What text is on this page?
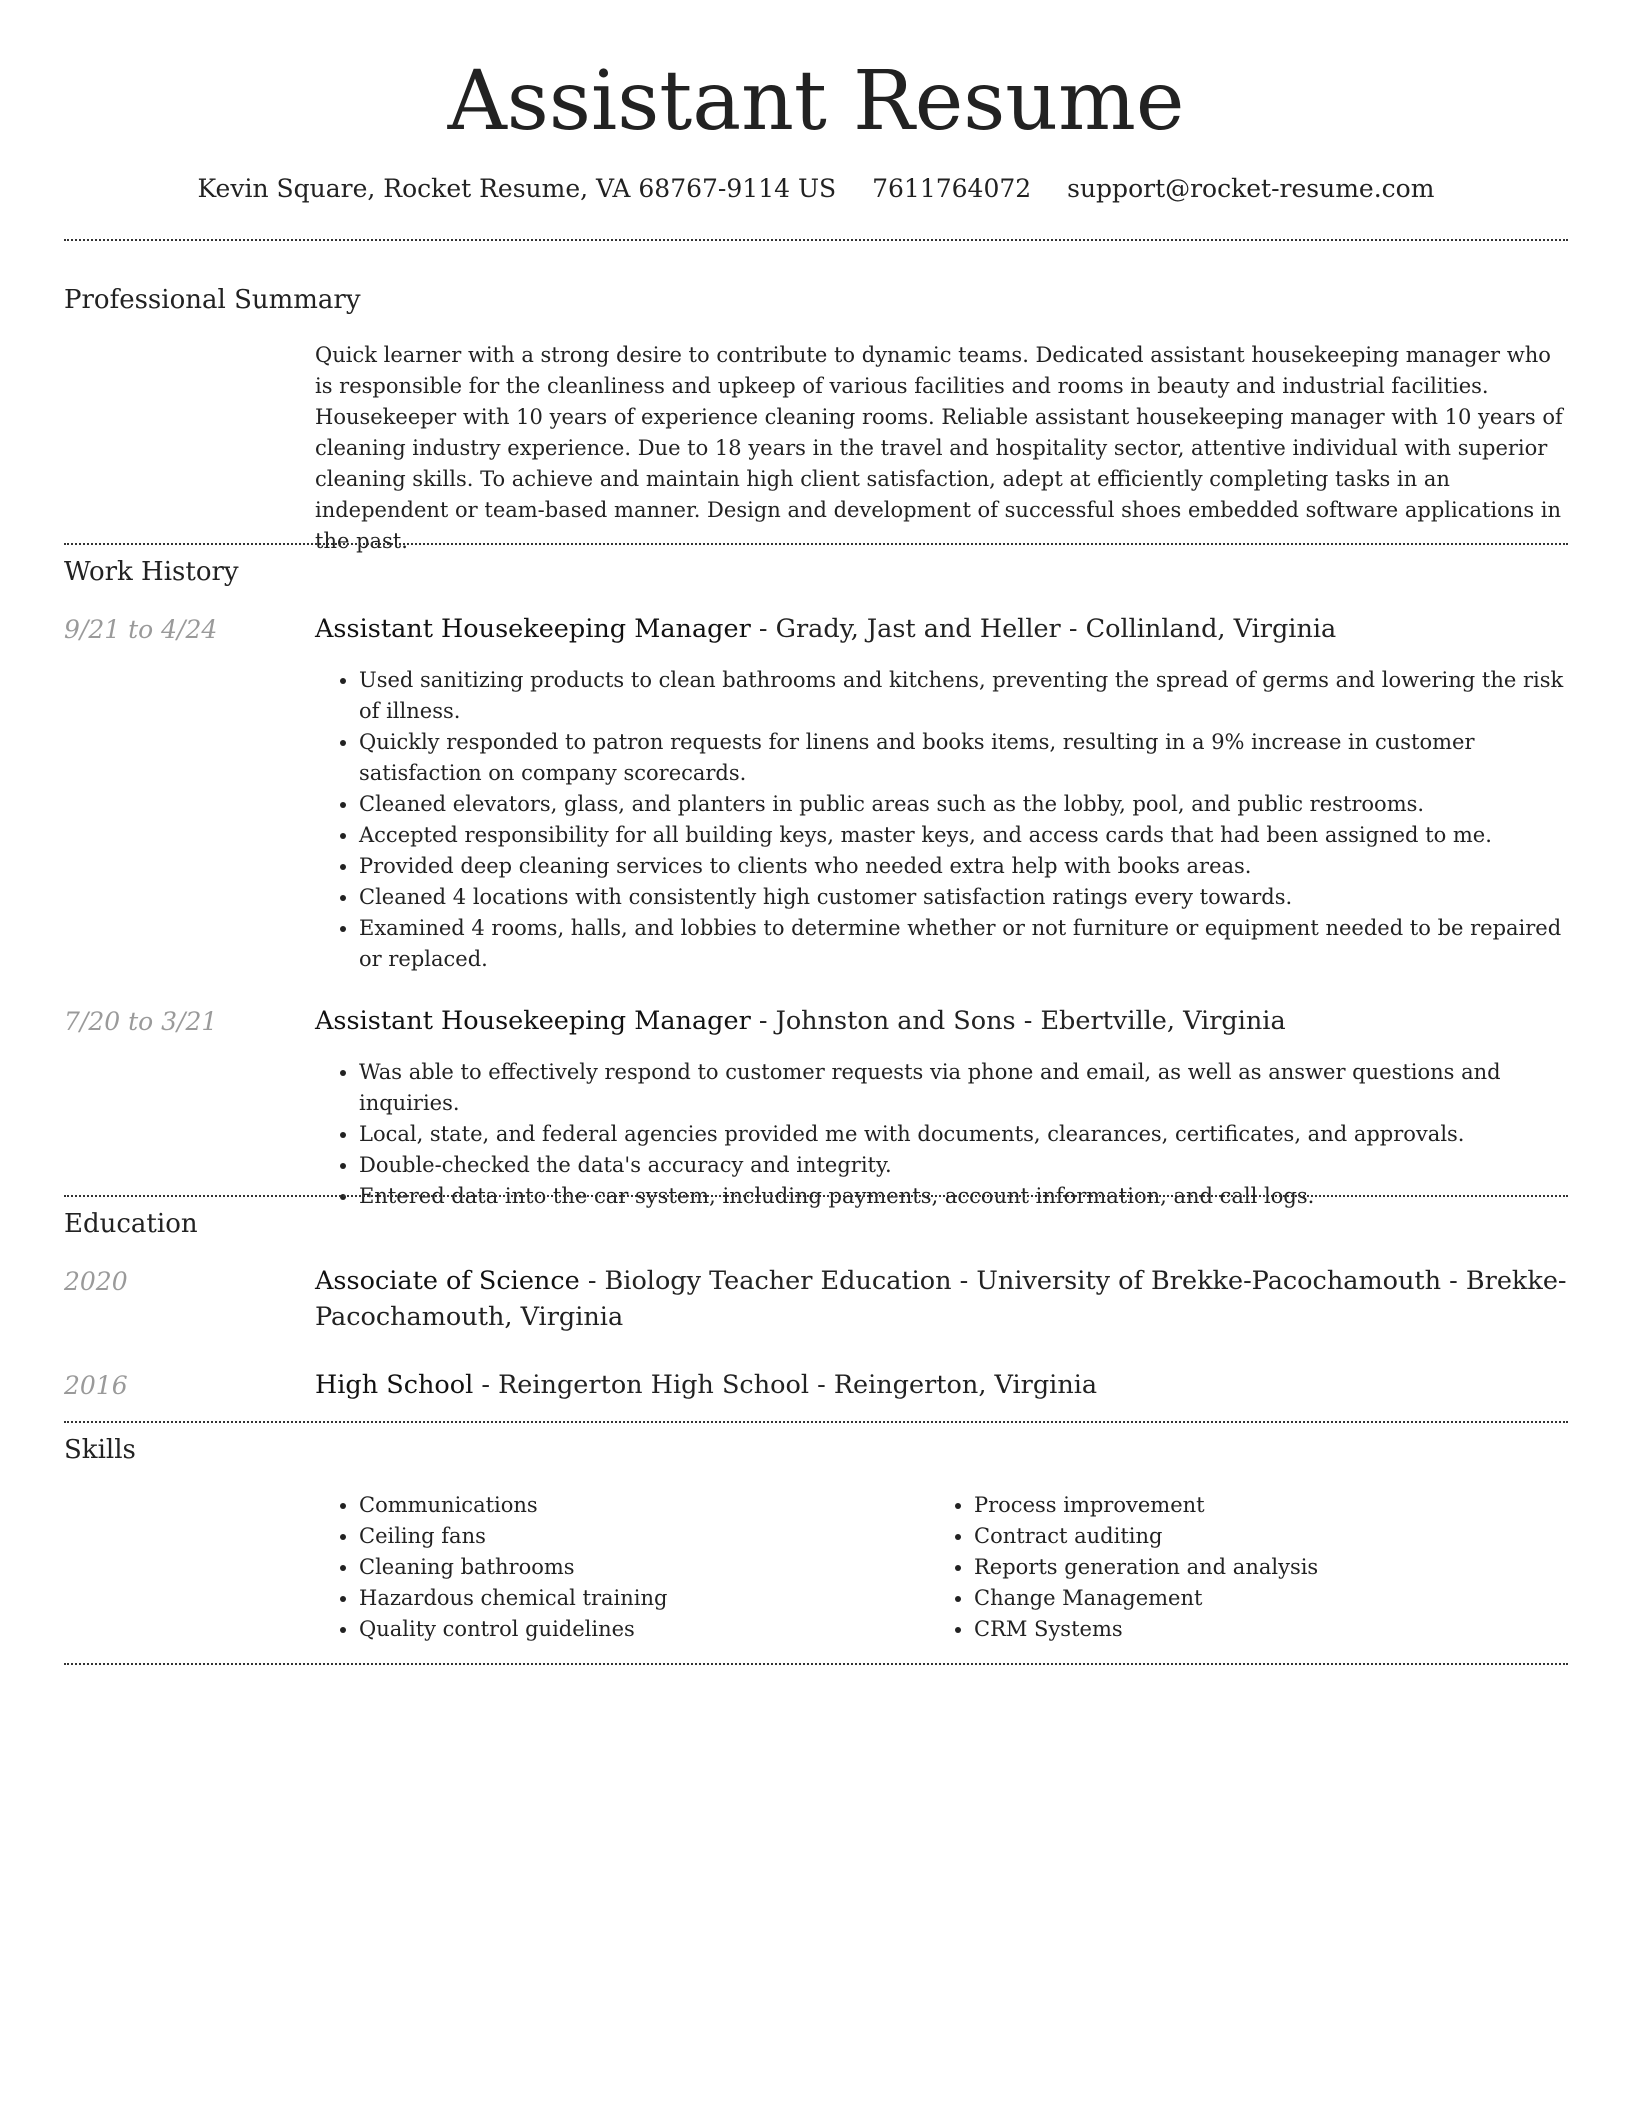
Assistant Resume
Kevin Square, Rocket Resume, VA 68767-9114 US 7611764072 support@rocket-resume.com
Professional Summary

Quick learner with a strong desire to contribute to dynamic teams. Dedicated assistant housekeeping manager who is responsible for the cleanliness and upkeep of various facilities and rooms in beauty and industrial facilities. Housekeeper with 10 years of experience cleaning rooms. Reliable assistant housekeeping manager with 10 years of cleaning industry experience. Due to 18 years in the travel and hospitality sector, attentive individual with superior cleaning skills. To achieve and maintain high client satisfaction, adept at efficiently completing tasks in an independent or team-based manner. Design and development of successful shoes embedded software applications in the past.

Work History
9/21 to 4/24	Assistant Housekeeping Manager - Grady, Jast and Heller - Collinland, Virginia
• Used sanitizing products to clean bathrooms and kitchens, preventing the spread of germs and lowering the risk of illness.
• Quickly responded to patron requests for linens and books items, resulting in a 9% increase in customer satisfaction on company scorecards.
• Cleaned elevators, glass, and planters in public areas such as the lobby, pool, and public restrooms.
• Accepted responsibility for all building keys, master keys, and access cards that had been assigned to me.
• Provided deep cleaning services to clients who needed extra help with books areas.
• Cleaned 4 locations with consistently high customer satisfaction ratings every towards.
• Examined 4 rooms, halls, and lobbies to determine whether or not furniture or equipment needed to be repaired or replaced.
7/20 to 3/21	Assistant Housekeeping Manager - Johnston and Sons - Ebertville, Virginia
• Was able to effectively respond to customer requests via phone and email, as well as answer questions and inquiries.
• Local, state, and federal agencies provided me with documents, clearances, certificates, and approvals.
• Double-checked the data's accuracy and integrity.
• Entered data into the car system, including payments, account information, and call logs.
Education
2020	Associate of Science - Biology Teacher Education - University of Brekke-Pacochamouth - Brekke-Pacochamouth, Virginia
2016	High School - Reingerton High School - Reingerton, Virginia
Skills
• Communications
• Ceiling fans
• Cleaning bathrooms
• Hazardous chemical training
• Quality control guidelines
• Process improvement
• Contract auditing
• Reports generation and analysis
• Change Management
• CRM Systems
